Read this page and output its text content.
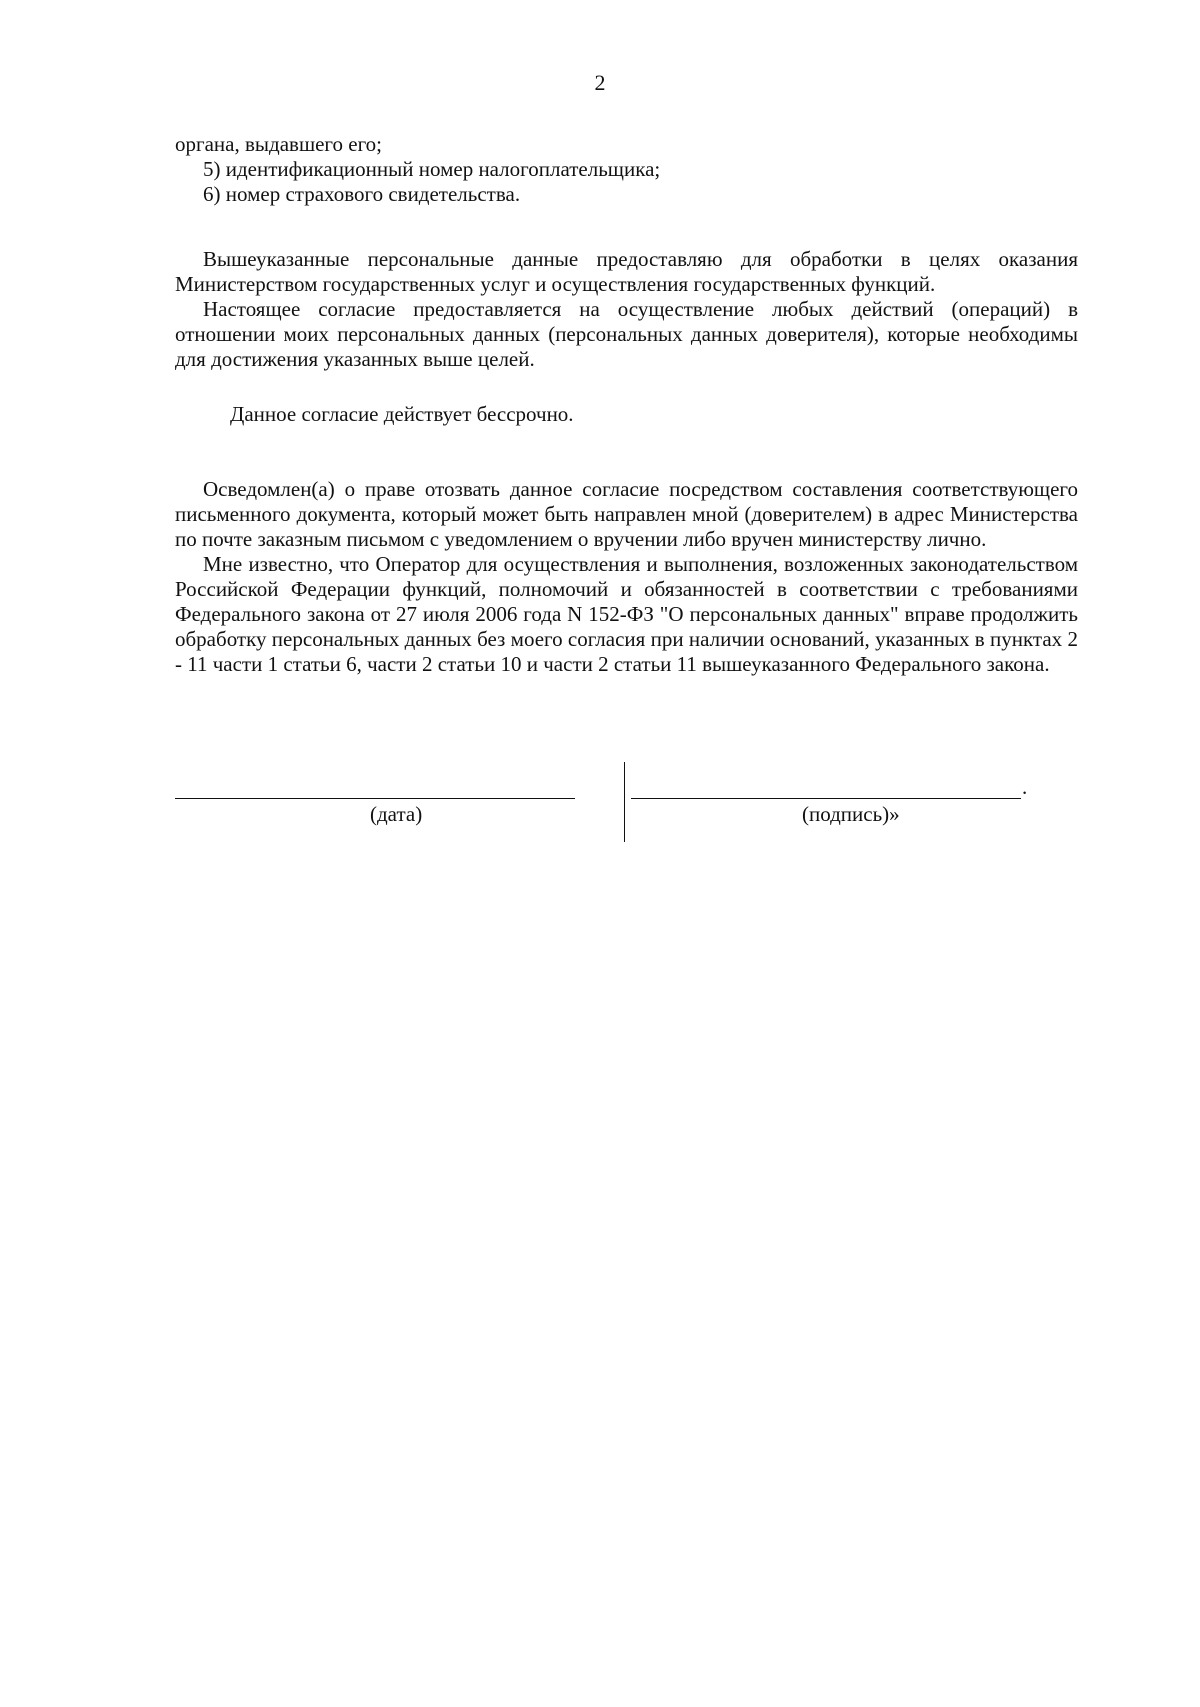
2

органа, выдавшего его;

5) идентификационный номер налогоплательщика;

6) номер страхового свидетельства.

Вышеуказанные персональные данные предоставляю для обработки в целях оказания Министерством государственных услуг и осуществления государственных функций.

Настоящее согласие предоставляется на осуществление любых действий (операций) в отношении моих персональных данных (персональных данных доверителя), которые необходимы для достижения указанных выше целей.

Данное согласие действует бессрочно.

Осведомлен(а) о праве отозвать данное согласие посредством составления соответствующего письменного документа, который может быть направлен мной (доверителем) в адрес Министерства по почте заказным письмом с уведомлением о вручении либо вручен министерству лично.

Мне известно, что Оператор для осуществления и выполнения, возложенных законодательством Российской Федерации функций, полномочий и обязанностей в соответствии с требованиями Федерального закона от 27 июля 2006 года N 152-ФЗ "О персональных данных" вправе продолжить обработку персональных данных без моего согласия при наличии оснований, указанных в пунктах 2 - 11 части 1 статьи 6, части 2 статьи 10 и части 2 статьи 11 вышеуказанного Федерального закона.

(дата)
.
(подпись)»
